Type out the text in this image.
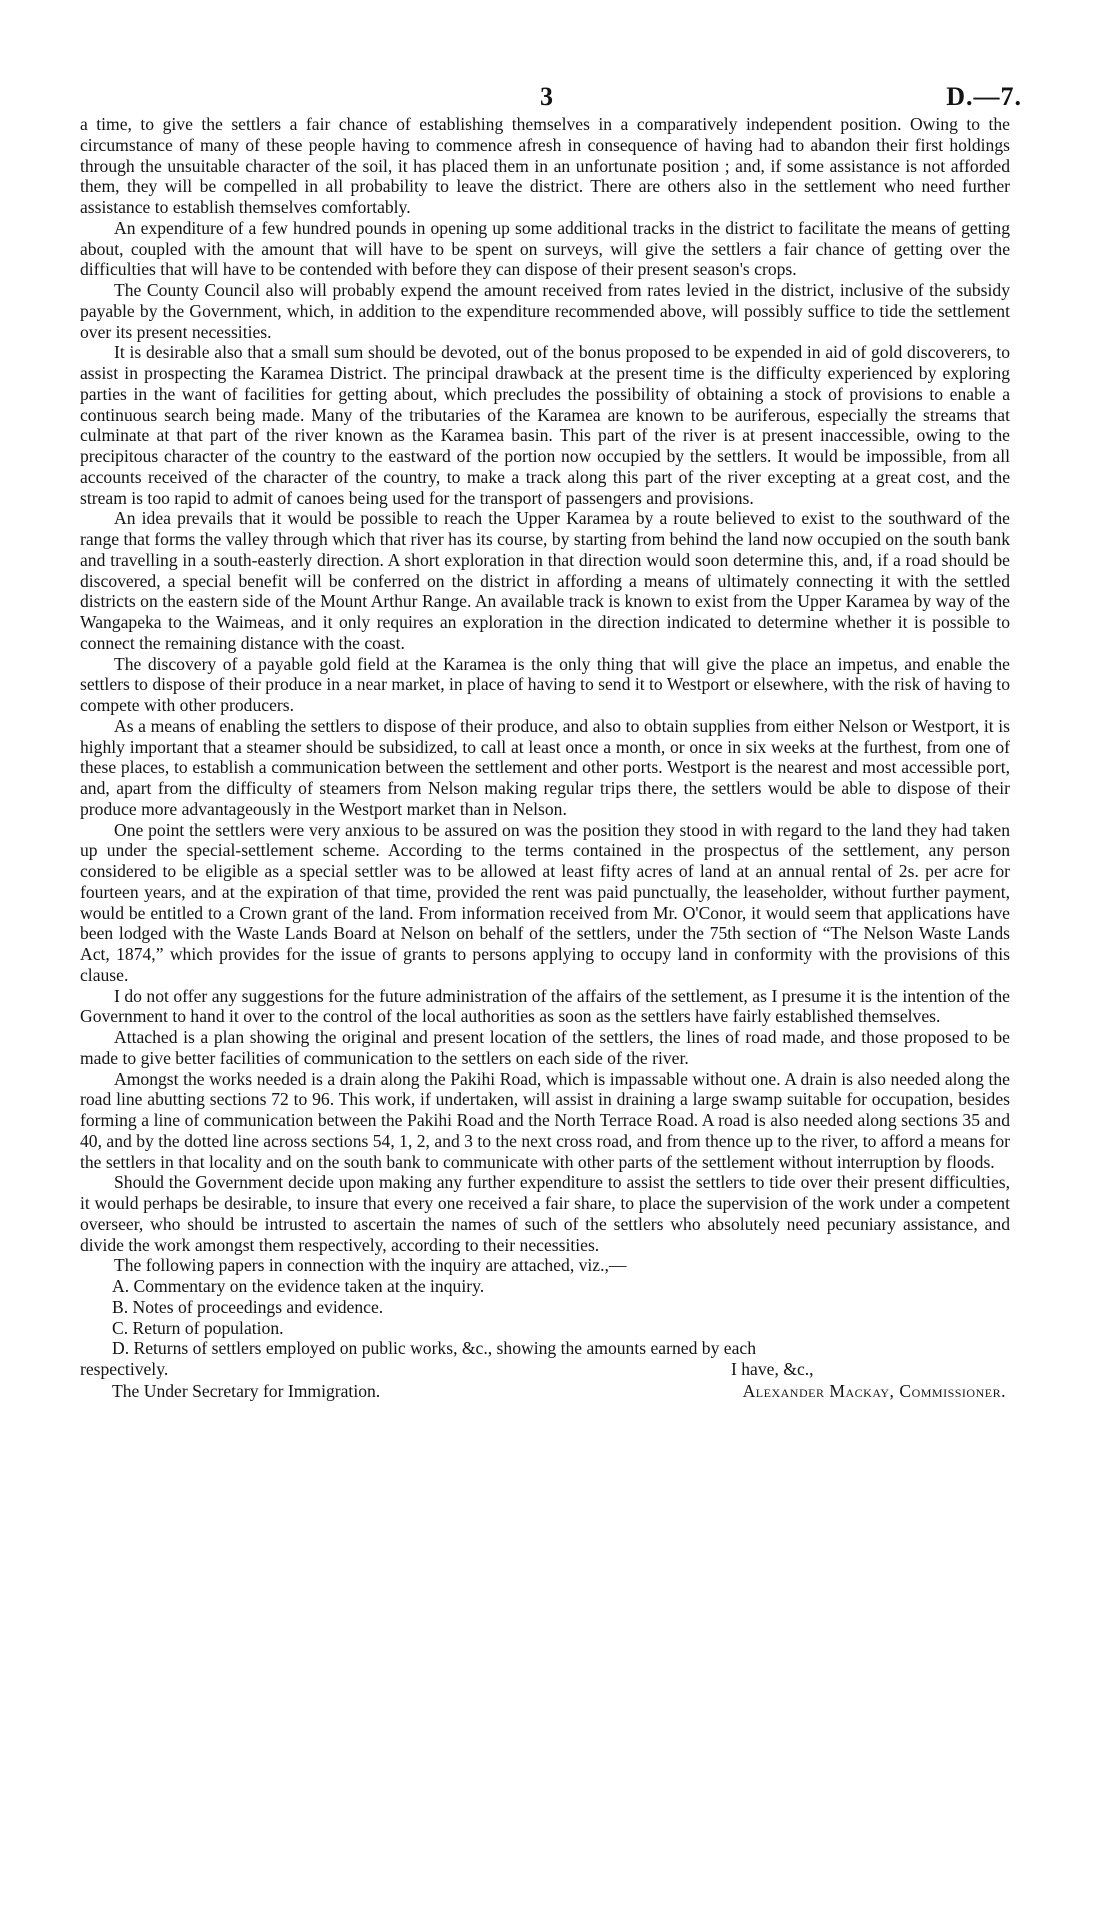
3	D.—7.

a time, to give the settlers a fair chance of establishing themselves in a comparatively independent position. Owing to the circumstance of many of these people having to commence afresh in consequence of having had to abandon their first holdings through the unsuitable character of the soil, it has placed them in an unfortunate position ; and, if some assistance is not afforded them, they will be compelled in all probability to leave the district. There are others also in the settlement who need further assistance to establish themselves comfortably.

An expenditure of a few hundred pounds in opening up some additional tracks in the district to facilitate the means of getting about, coupled with the amount that will have to be spent on surveys, will give the settlers a fair chance of getting over the difficulties that will have to be contended with before they can dispose of their present season's crops.

The County Council also will probably expend the amount received from rates levied in the district, inclusive of the subsidy payable by the Government, which, in addition to the expenditure recommended above, will possibly suffice to tide the settlement over its present necessities.

It is desirable also that a small sum should be devoted, out of the bonus proposed to be expended in aid of gold discoverers, to assist in prospecting the Karamea District. The principal drawback at the present time is the difficulty experienced by exploring parties in the want of facilities for getting about, which precludes the possibility of obtaining a stock of provisions to enable a continuous search being made. Many of the tributaries of the Karamea are known to be auriferous, especially the streams that culminate at that part of the river known as the Karamea basin. This part of the river is at present inaccessible, owing to the precipitous character of the country to the eastward of the portion now occupied by the settlers. It would be impossible, from all accounts received of the character of the country, to make a track along this part of the river excepting at a great cost, and the stream is too rapid to admit of canoes being used for the transport of passengers and provisions.

An idea prevails that it would be possible to reach the Upper Karamea by a route believed to exist to the southward of the range that forms the valley through which that river has its course, by starting from behind the land now occupied on the south bank and travelling in a south-easterly direction. A short exploration in that direction would soon determine this, and, if a road should be discovered, a special benefit will be conferred on the district in affording a means of ultimately connecting it with the settled districts on the eastern side of the Mount Arthur Range. An available track is known to exist from the Upper Karamea by way of the Wangapeka to the Waimeas, and it only requires an exploration in the direction indicated to determine whether it is possible to connect the remaining distance with the coast.

The discovery of a payable gold field at the Karamea is the only thing that will give the place an impetus, and enable the settlers to dispose of their produce in a near market, in place of having to send it to Westport or elsewhere, with the risk of having to compete with other producers.

As a means of enabling the settlers to dispose of their produce, and also to obtain supplies from either Nelson or Westport, it is highly important that a steamer should be subsidized, to call at least once a month, or once in six weeks at the furthest, from one of these places, to establish a communication between the settlement and other ports. Westport is the nearest and most accessible port, and, apart from the difficulty of steamers from Nelson making regular trips there, the settlers would be able to dispose of their produce more advantageously in the Westport market than in Nelson.

One point the settlers were very anxious to be assured on was the position they stood in with regard to the land they had taken up under the special-settlement scheme. According to the terms contained in the prospectus of the settlement, any person considered to be eligible as a special settler was to be allowed at least fifty acres of land at an annual rental of 2s. per acre for fourteen years, and at the expiration of that time, provided the rent was paid punctually, the leaseholder, without further payment, would be entitled to a Crown grant of the land. From information received from Mr. O'Conor, it would seem that applications have been lodged with the Waste Lands Board at Nelson on behalf of the settlers, under the 75th section of “The Nelson Waste Lands Act, 1874,” which provides for the issue of grants to persons applying to occupy land in conformity with the provisions of this clause.

I do not offer any suggestions for the future administration of the affairs of the settlement, as I presume it is the intention of the Government to hand it over to the control of the local authorities as soon as the settlers have fairly established themselves.

Attached is a plan showing the original and present location of the settlers, the lines of road made, and those proposed to be made to give better facilities of communication to the settlers on each side of the river.

Amongst the works needed is a drain along the Pakihi Road, which is impassable without one. A drain is also needed along the road line abutting sections 72 to 96. This work, if undertaken, will assist in draining a large swamp suitable for occupation, besides forming a line of communication between the Pakihi Road and the North Terrace Road. A road is also needed along sections 35 and 40, and by the dotted line across sections 54, 1, 2, and 3 to the next cross road, and from thence up to the river, to afford a means for the settlers in that locality and on the south bank to communicate with other parts of the settlement without interruption by floods.

Should the Government decide upon making any further expenditure to assist the settlers to tide over their present difficulties, it would perhaps be desirable, to insure that every one received a fair share, to place the supervision of the work under a competent overseer, who should be intrusted to ascertain the names of such of the settlers who absolutely need pecuniary assistance, and divide the work amongst them respectively, according to their necessities.

The following papers in connection with the inquiry are attached, viz.,—

A. Commentary on the evidence taken at the inquiry.

B. Notes of proceedings and evidence.

C. Return of population.

D. Returns of settlers employed on public works, &c., showing the amounts earned by each

respectively.	I have, &c.,
The Under Secretary for Immigration.	Alexander Mackay, Commissioner.
